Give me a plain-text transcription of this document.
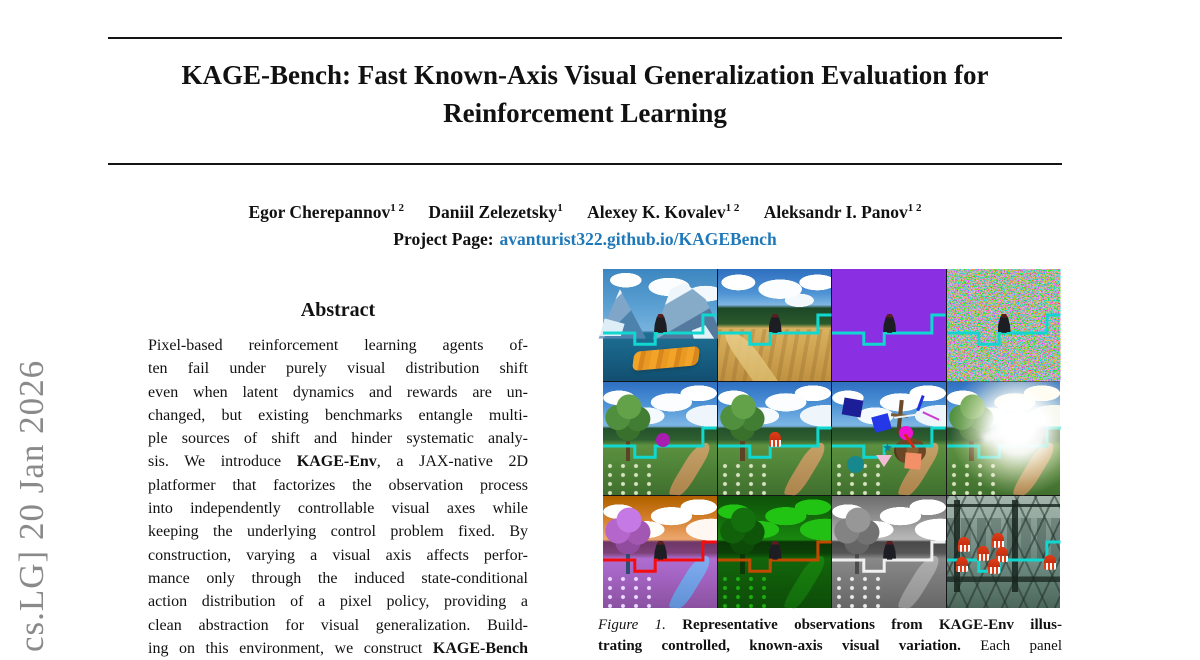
cs.LG] 20 Jan 2026
KAGE-Bench: Fast Known-Axis Visual Generalization Evaluation for Reinforcement Learning
Egor Cherepannov$^{1 2}$ Daniil Zelezetsky$^1$ Alexey K. Kovalev$^{1 2}$ Aleksandr I. Panov$^{1 2}$
Project Page: avanturist322.github.io/KAGEBench
Abstract
Pixel-based reinforcement learning agents of-
ten fail under purely visual distribution shift
even when latent dynamics and rewards are un-
changed, but existing benchmarks entangle multi-
ple sources of shift and hinder systematic analy-
sis. We introduce KAGE-Env, a JAX-native 2D
platformer that factorizes the observation process
into independently controllable visual axes while
keeping the underlying control problem fixed. By
construction, varying a visual axis affects perfor-
mance only through the induced state-conditional
action distribution of a pixel policy, providing a
clean abstraction for visual generalization. Build-
ing on this environment, we construct KAGE-Bench
Figure 1. Representative observations from KAGE-Env illus-
trating controlled, known-axis visual variation. Each panel
